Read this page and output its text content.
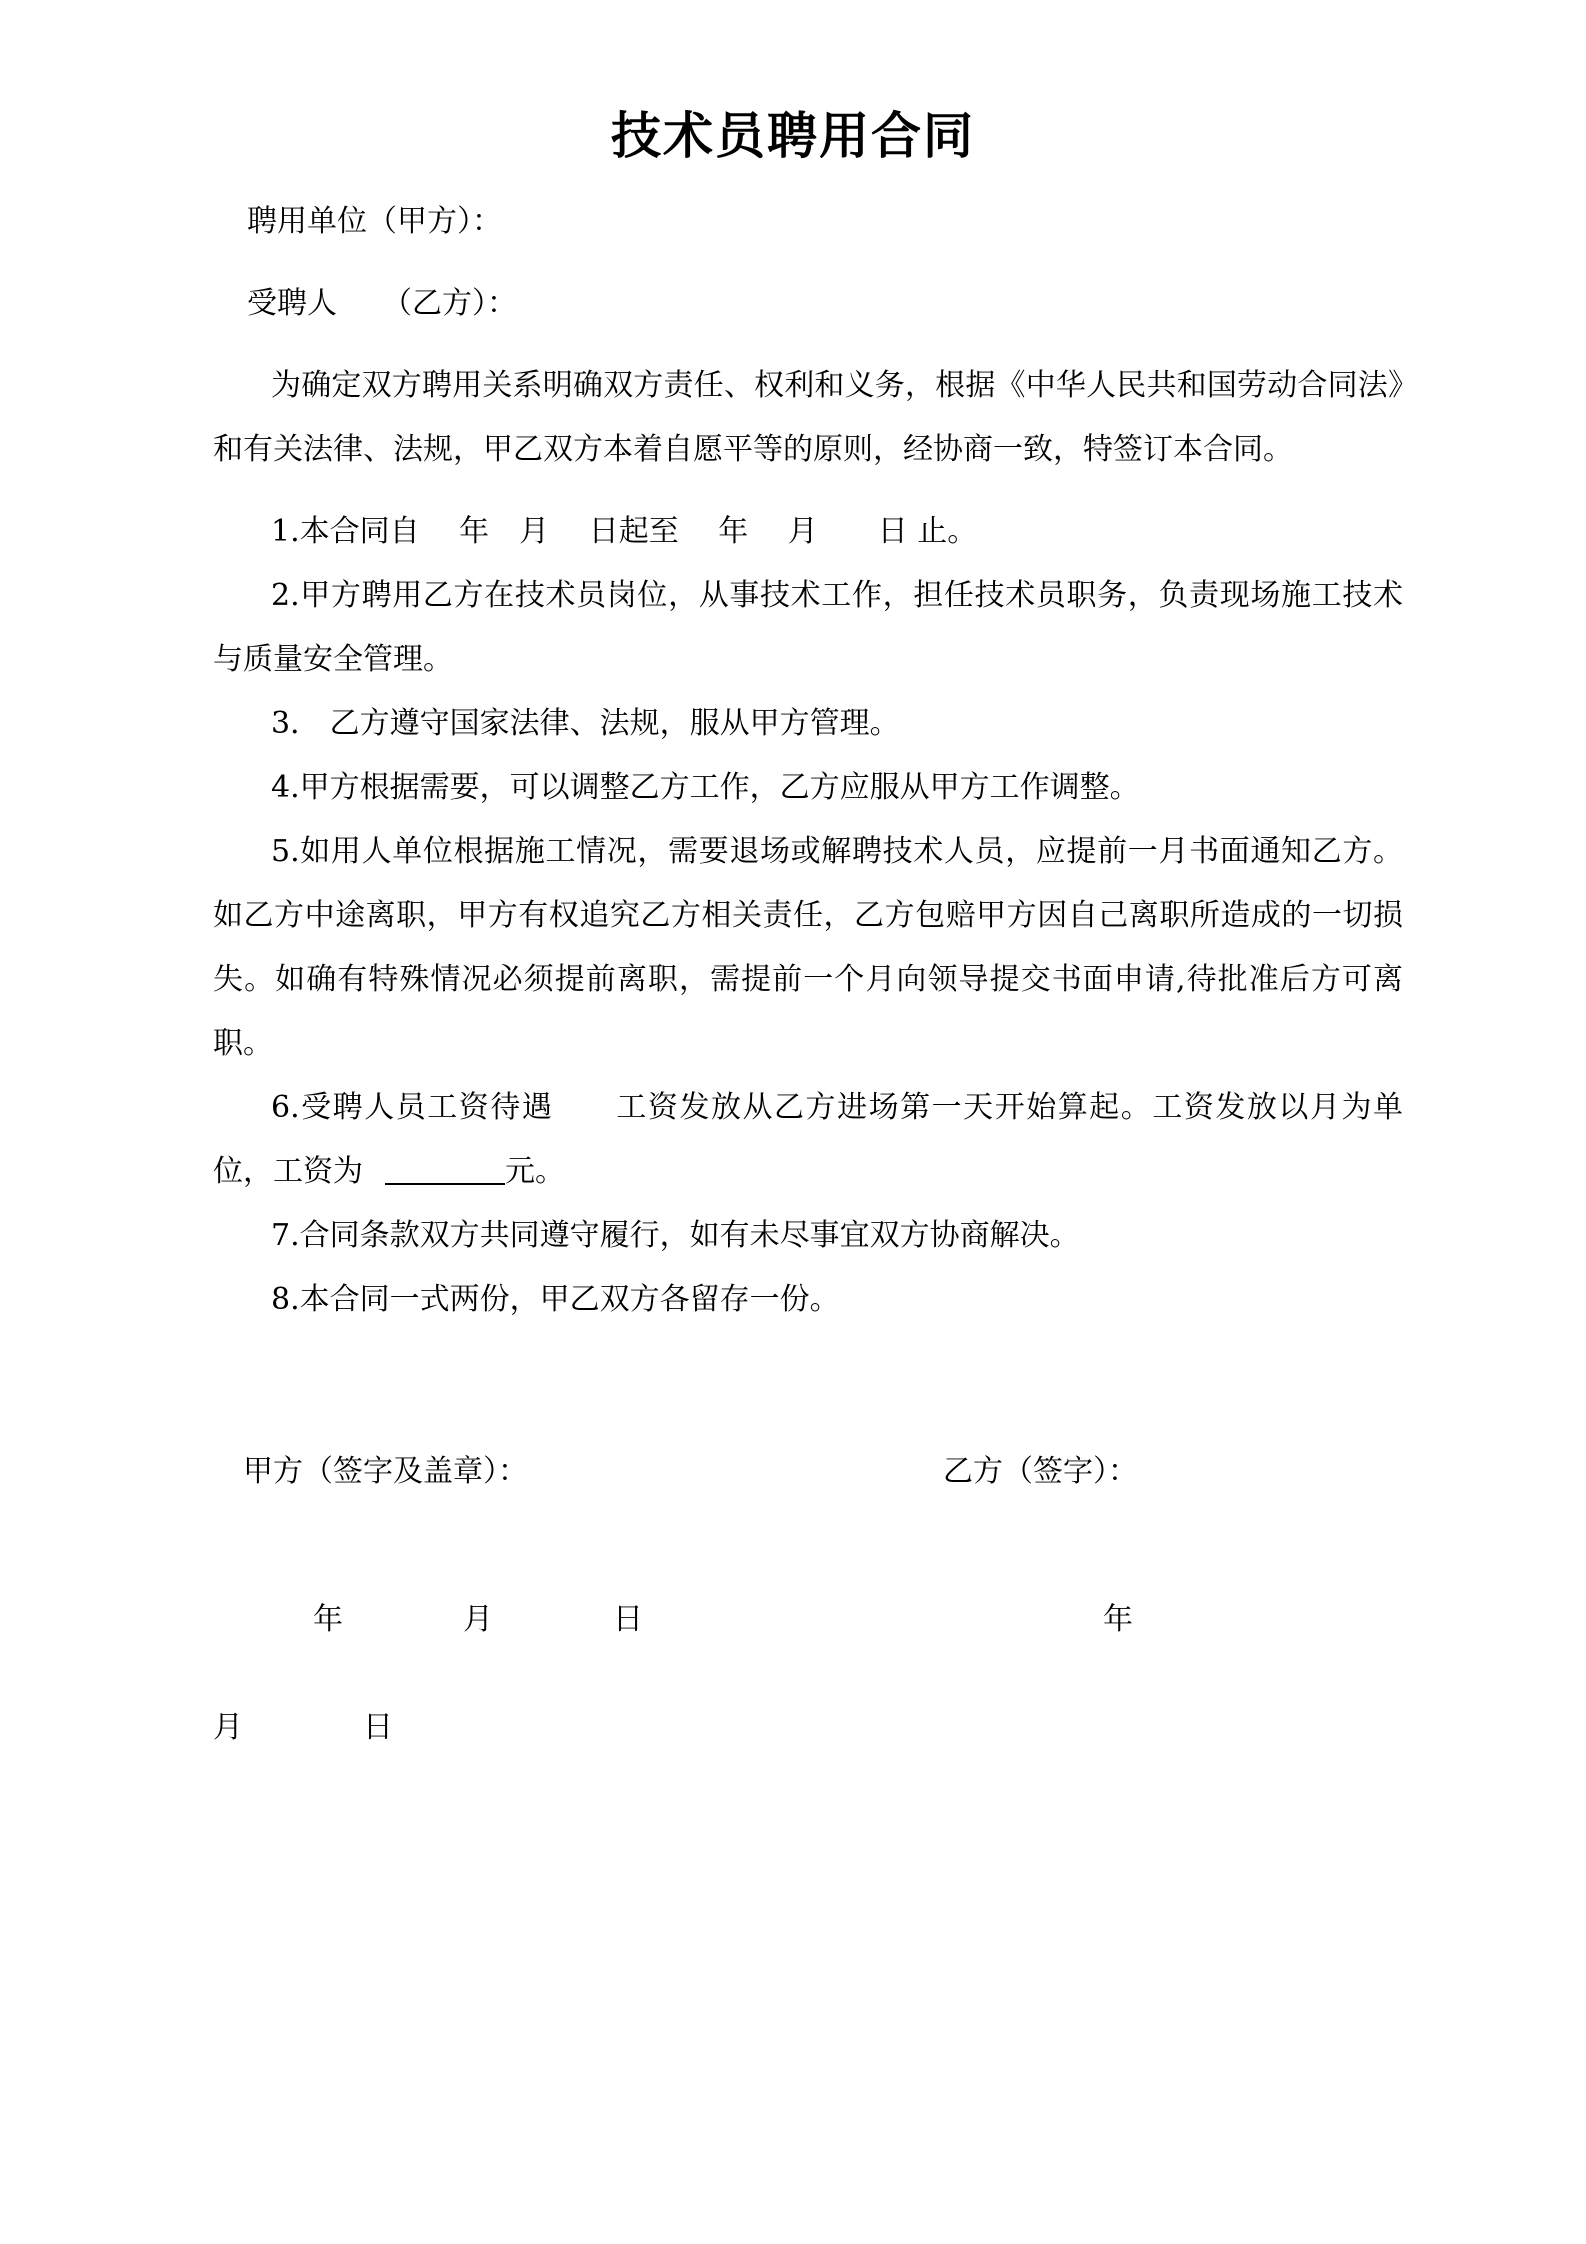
技术员聘用合同

聘用单位（甲方）：

受聘人　　（乙方）：

为确定双方聘用关系明确双方责任、权利和义务，根据《中华人民共和国劳动合同法》和有关法律、法规，甲乙双方本着自愿平等的原则，经协商一致，特签订本合同。

1.本合同自　 年　月　 日起至　 年　 月　　日 止。

2.甲方聘用乙方在技术员岗位，从事技术工作，担任技术员职务，负责现场施工技术与质量安全管理。

3． 乙方遵守国家法律、法规，服从甲方管理。

4.甲方根据需要，可以调整乙方工作，乙方应服从甲方工作调整。

5.如用人单位根据施工情况，需要退场或解聘技术人员，应提前一月书面通知乙方。如乙方中途离职，甲方有权追究乙方相关责任，乙方包赔甲方因自己离职所造成的一切损失。如确有特殊情况必须提前离职，需提前一个月向领导提交书面申请,待批准后方可离职。

6.受聘人员工资待遇　　工资发放从乙方进场第一天开始算起。工资发放以月为单位，工资为	元。

7.合同条款双方共同遵守履行，如有未尽事宜双方协商解决。

8.本合同一式两份，甲乙双方各留存一份。

甲方（签字及盖章）：	乙方（签字）：
年　　　　月　　　　日	年
月　　　　日
